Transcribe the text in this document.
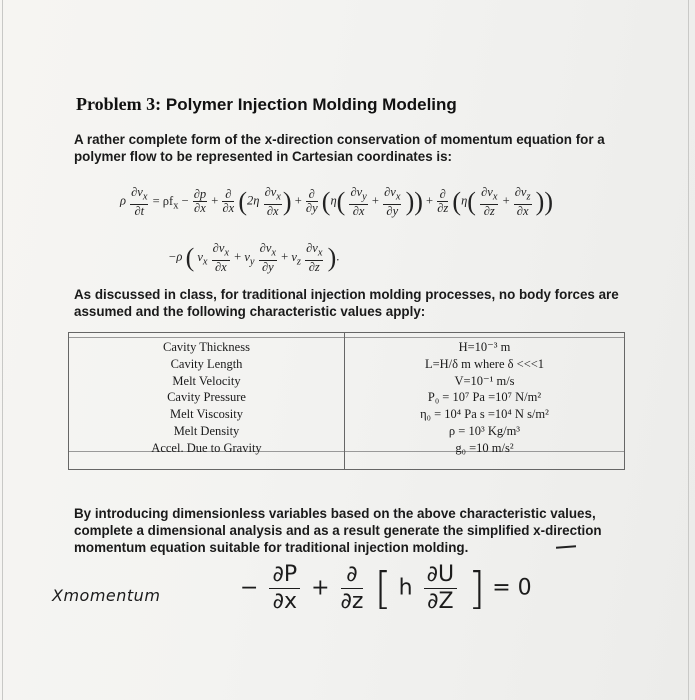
Problem 3: Polymer Injection Molding Modeling
A rather complete form of the x-direction conservation of momentum equation for a polymer flow to be represented in Cartesian coordinates is:
ρ $\frac{\partial v_x}{\partial t} = \rho f_x - \frac{\partial p}{\partial x} + \frac{\partial}{\partial x} (2\eta \frac{\partial v_x}{\partial x}$ ) + $\frac{\partial}{\partial y} (\eta( \frac{\partial v_y}{\partial x} + \frac{\partial v_x}{\partial y}$ )) + $\frac{\partial}{\partial z} (\eta( \frac{\partial v_x}{\partial z} + \frac{\partial v_z}{\partial x}$ ))
−ρ ( $v_x \frac{\partial v_x}{\partial x} + v_y \frac{\partial v_x}{\partial y} + v_z \frac{\partial v_x}{\partial z}$ ).
As discussed in class, for traditional injection molding processes, no body forces are assumed and the following characteristic values apply:
Cavity Thickness
Cavity Length
Melt Velocity
Cavity Pressure
Melt Viscosity
Melt Density
Accel. Due to Gravity
H=10⁻³ m
L=H/δ m where δ <<<1
V=10⁻¹ m/s
P₀ = 10⁷ Pa =10⁷ N/m²
η₀ = 10⁴ Pa s =10⁴ N s/m²
ρ = 10³ Kg/m³
g₀ =10 m/s²
By introducing dimensionless variables based on the above characteristic values, complete a dimensional analysis and as a result generate the simplified x-direction momentum equation suitable for traditional injection molding.
Xmomentum	− $\frac{\partial P}{\partial x} + \frac{\partial}{\partial z}$ [ h $\frac{\partial U}{\partial Z}$ ] = 0
